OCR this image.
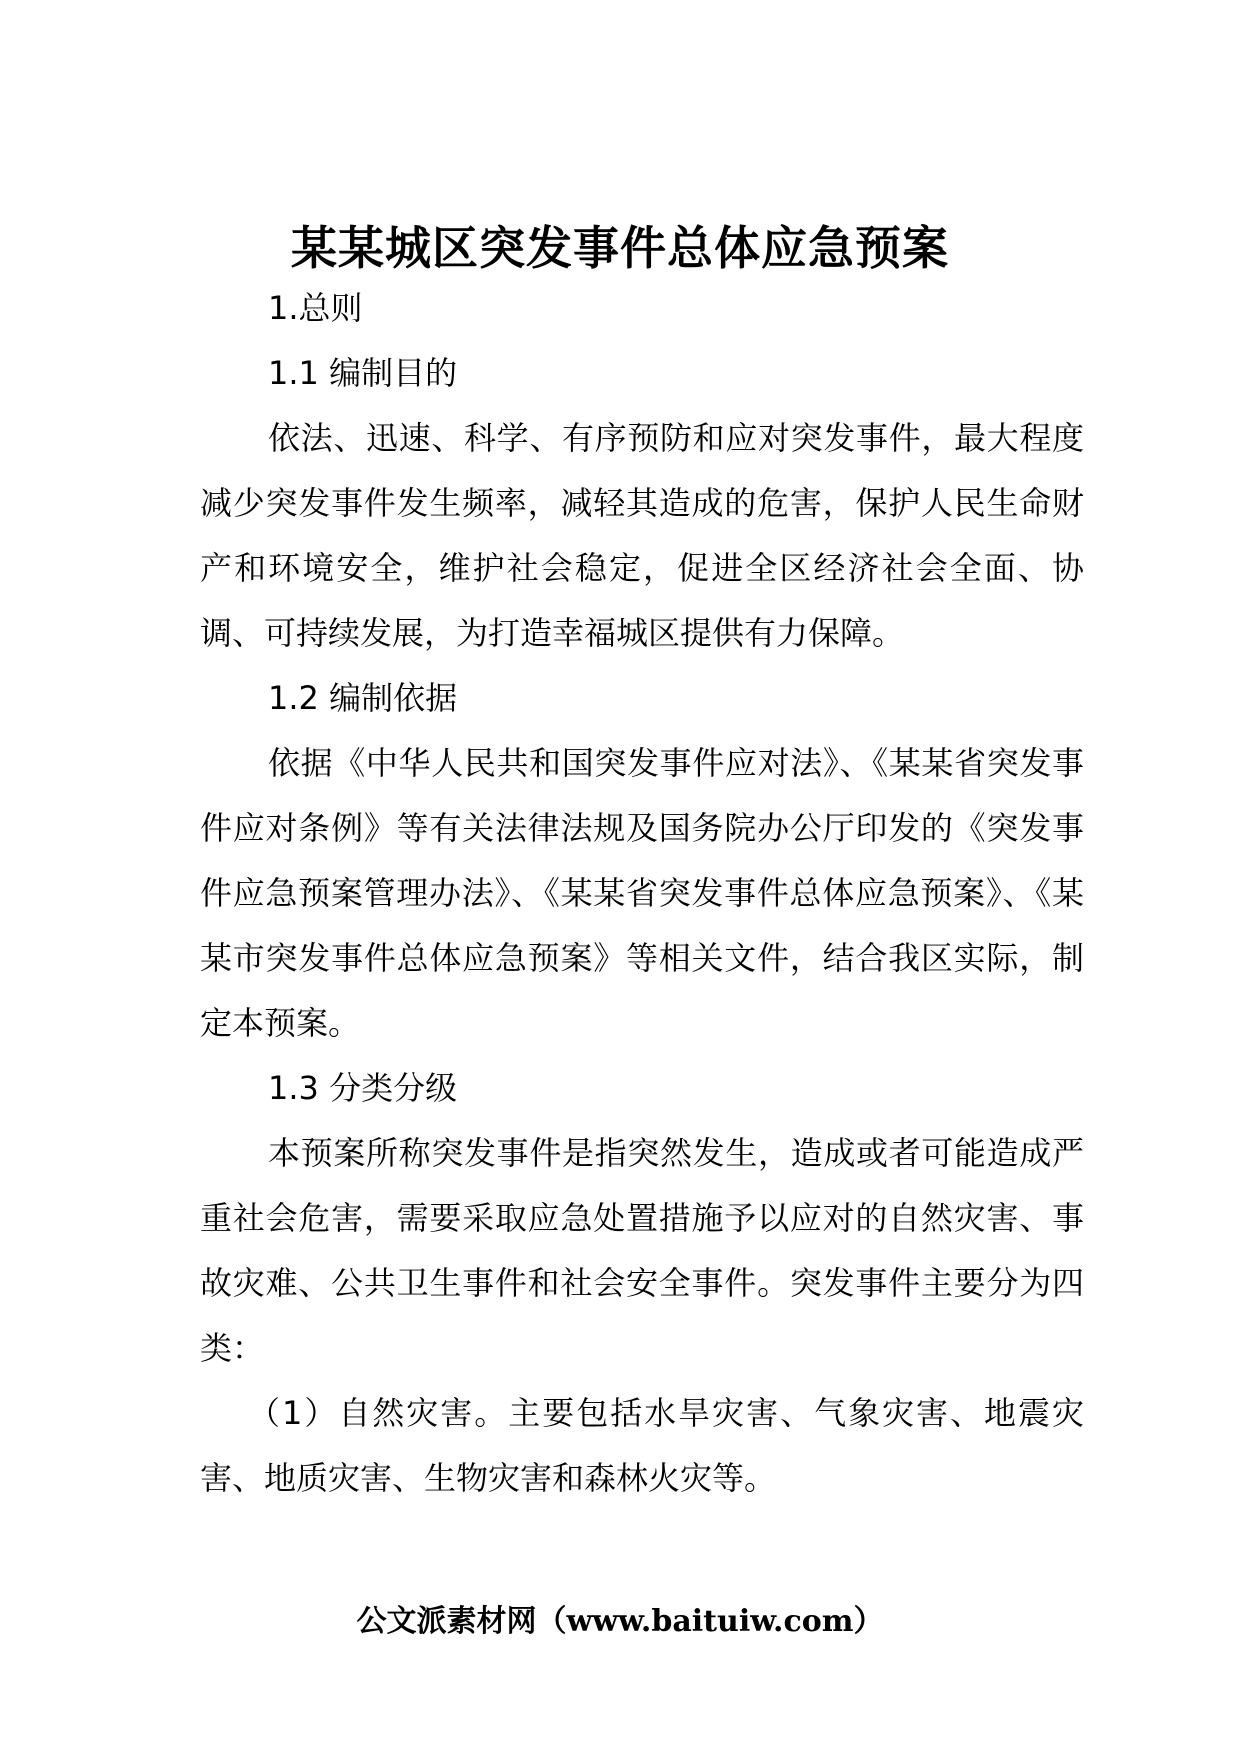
某某城区突发事件总体应急预案

1.总则

1.1 编制目的

依法、迅速、科学、有序预防和应对突发事件，最大程度减少突发事件发生频率，减轻其造成的危害，保护人民生命财产和环境安全，维护社会稳定，促进全区经济社会全面、协调、可持续发展，为打造幸福城区提供有力保障。

1.2 编制依据

依据《中华人民共和国突发事件应对法》、《某某省突发事件应对条例》等有关法律法规及国务院办公厅印发的《突发事件应急预案管理办法》、《某某省突发事件总体应急预案》、《某某市突发事件总体应急预案》等相关文件，结合我区实际，制定本预案。

1.3 分类分级

本预案所称突发事件是指突然发生，造成或者可能造成严重社会危害，需要采取应急处置措施予以应对的自然灾害、事故灾难、公共卫生事件和社会安全事件。突发事件主要分为四类：

（1）自然灾害。主要包括水旱灾害、气象灾害、地震灾害、地质灾害、生物灾害和森林火灾等。

公文派素材网（www.baituiw.com）
